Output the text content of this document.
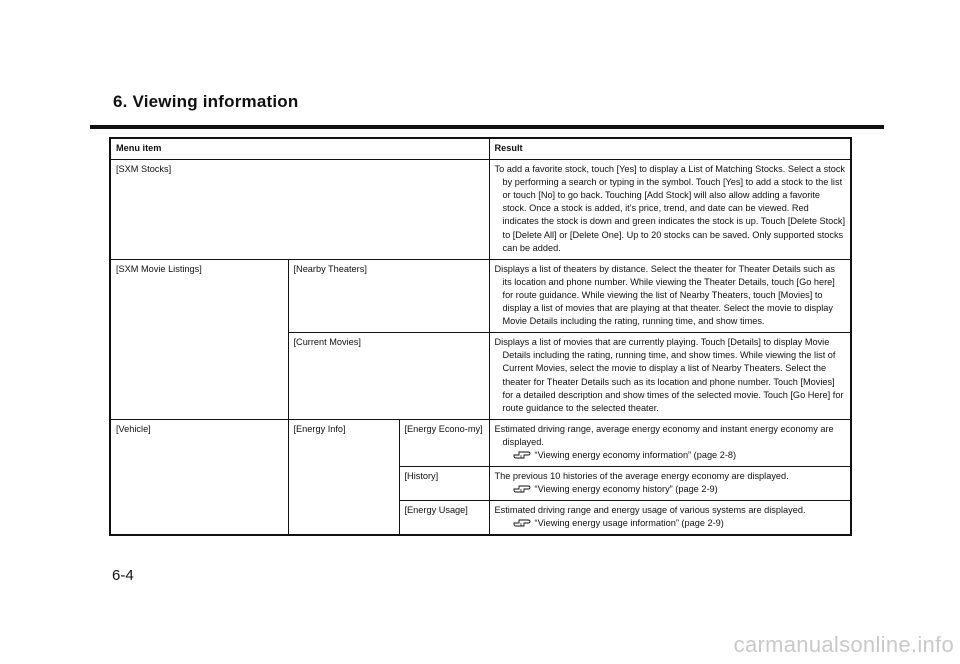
6. Viewing information
Menu item			Result
[SXM Stocks]			To add a favorite stock, touch [Yes] to display a List of Matching Stocks. Select a stock by performing a search or typing in the symbol. Touch [Yes] to add a stock to the list or touch [No] to go back. Touching [Add Stock] will also allow adding a favorite stock. Once a stock is added, it’s price, trend, and date can be viewed. Red indicates the stock is down and green indicates the stock is up. Touch [Delete Stock] to [Delete All] or [Delete One]. Up to 20 stocks can be saved. Only supported stocks can be added.

[SXM Movie Listings]	[Nearby Theaters]		Displays a list of theaters by distance. Select the theater for Theater Details such as its location and phone number. While viewing the Theater Details, touch [Go here] for route guidance. While viewing the list of Nearby Theaters, touch [Movies] to display a list of movies that are playing at that theater. Select the movie to display Movie Details including the rating, running time, and show times.

	[Current Movies]		Displays a list of movies that are currently playing. Touch [Details] to display Movie Details including the rating, running time, and show times. While viewing the list of Current Movies, select the movie to display a list of Nearby Theaters. Select the theater for Theater Details such as its location and phone number. Touch [Movies] for a detailed description and show times of the selected movie. Touch [Go Here] for route guidance to the selected theater.

[Vehicle]	[Energy Info]	[Energy Econo-my]	Estimated driving range, average energy economy and instant energy economy are displayed.
“Viewing energy economy information” (page 2-8)

		[History]	The previous 10 histories of the average energy economy are displayed.
“Viewing energy economy history” (page 2-9)

		[Energy Usage]	Estimated driving range and energy usage of various systems are displayed.
“Viewing energy usage information” (page 2-9)
6-4
carmanualsonline.info
